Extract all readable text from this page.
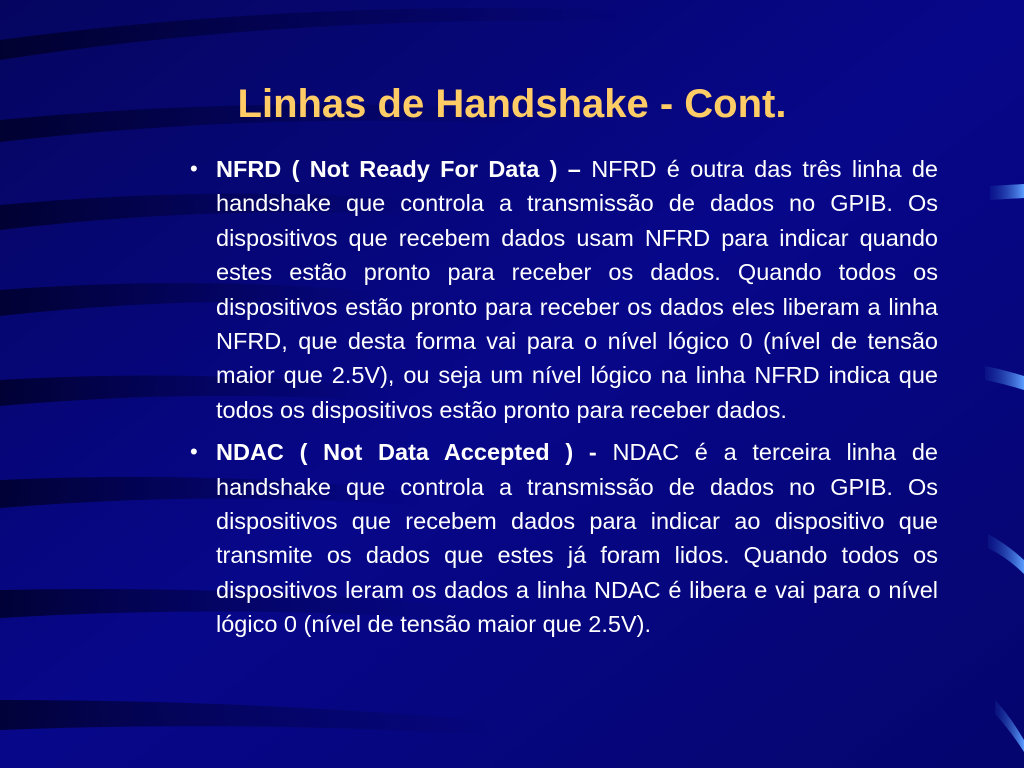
Linhas de Handshake - Cont.
• NFRD ( Not Ready For Data ) – NFRD é outra das três linha de handshake que controla a transmissão de dados no GPIB. Os dispositivos que recebem dados usam NFRD para indicar quando estes estão pronto para receber os dados. Quando todos os dispositivos estão pronto para receber os dados eles liberam a linha NFRD, que desta forma vai para o nível lógico 0 (nível de tensão maior que 2.5V), ou seja um nível lógico na linha NFRD indica que todos os dispositivos estão pronto para receber dados.
• NDAC ( Not Data Accepted ) - NDAC é a terceira linha de handshake que controla a transmissão de dados no GPIB. Os dispositivos que recebem dados para indicar ao dispositivo que transmite os dados que estes já foram lidos. Quando todos os dispositivos leram os dados a linha NDAC é libera e vai para o nível lógico 0 (nível de tensão maior que 2.5V).
